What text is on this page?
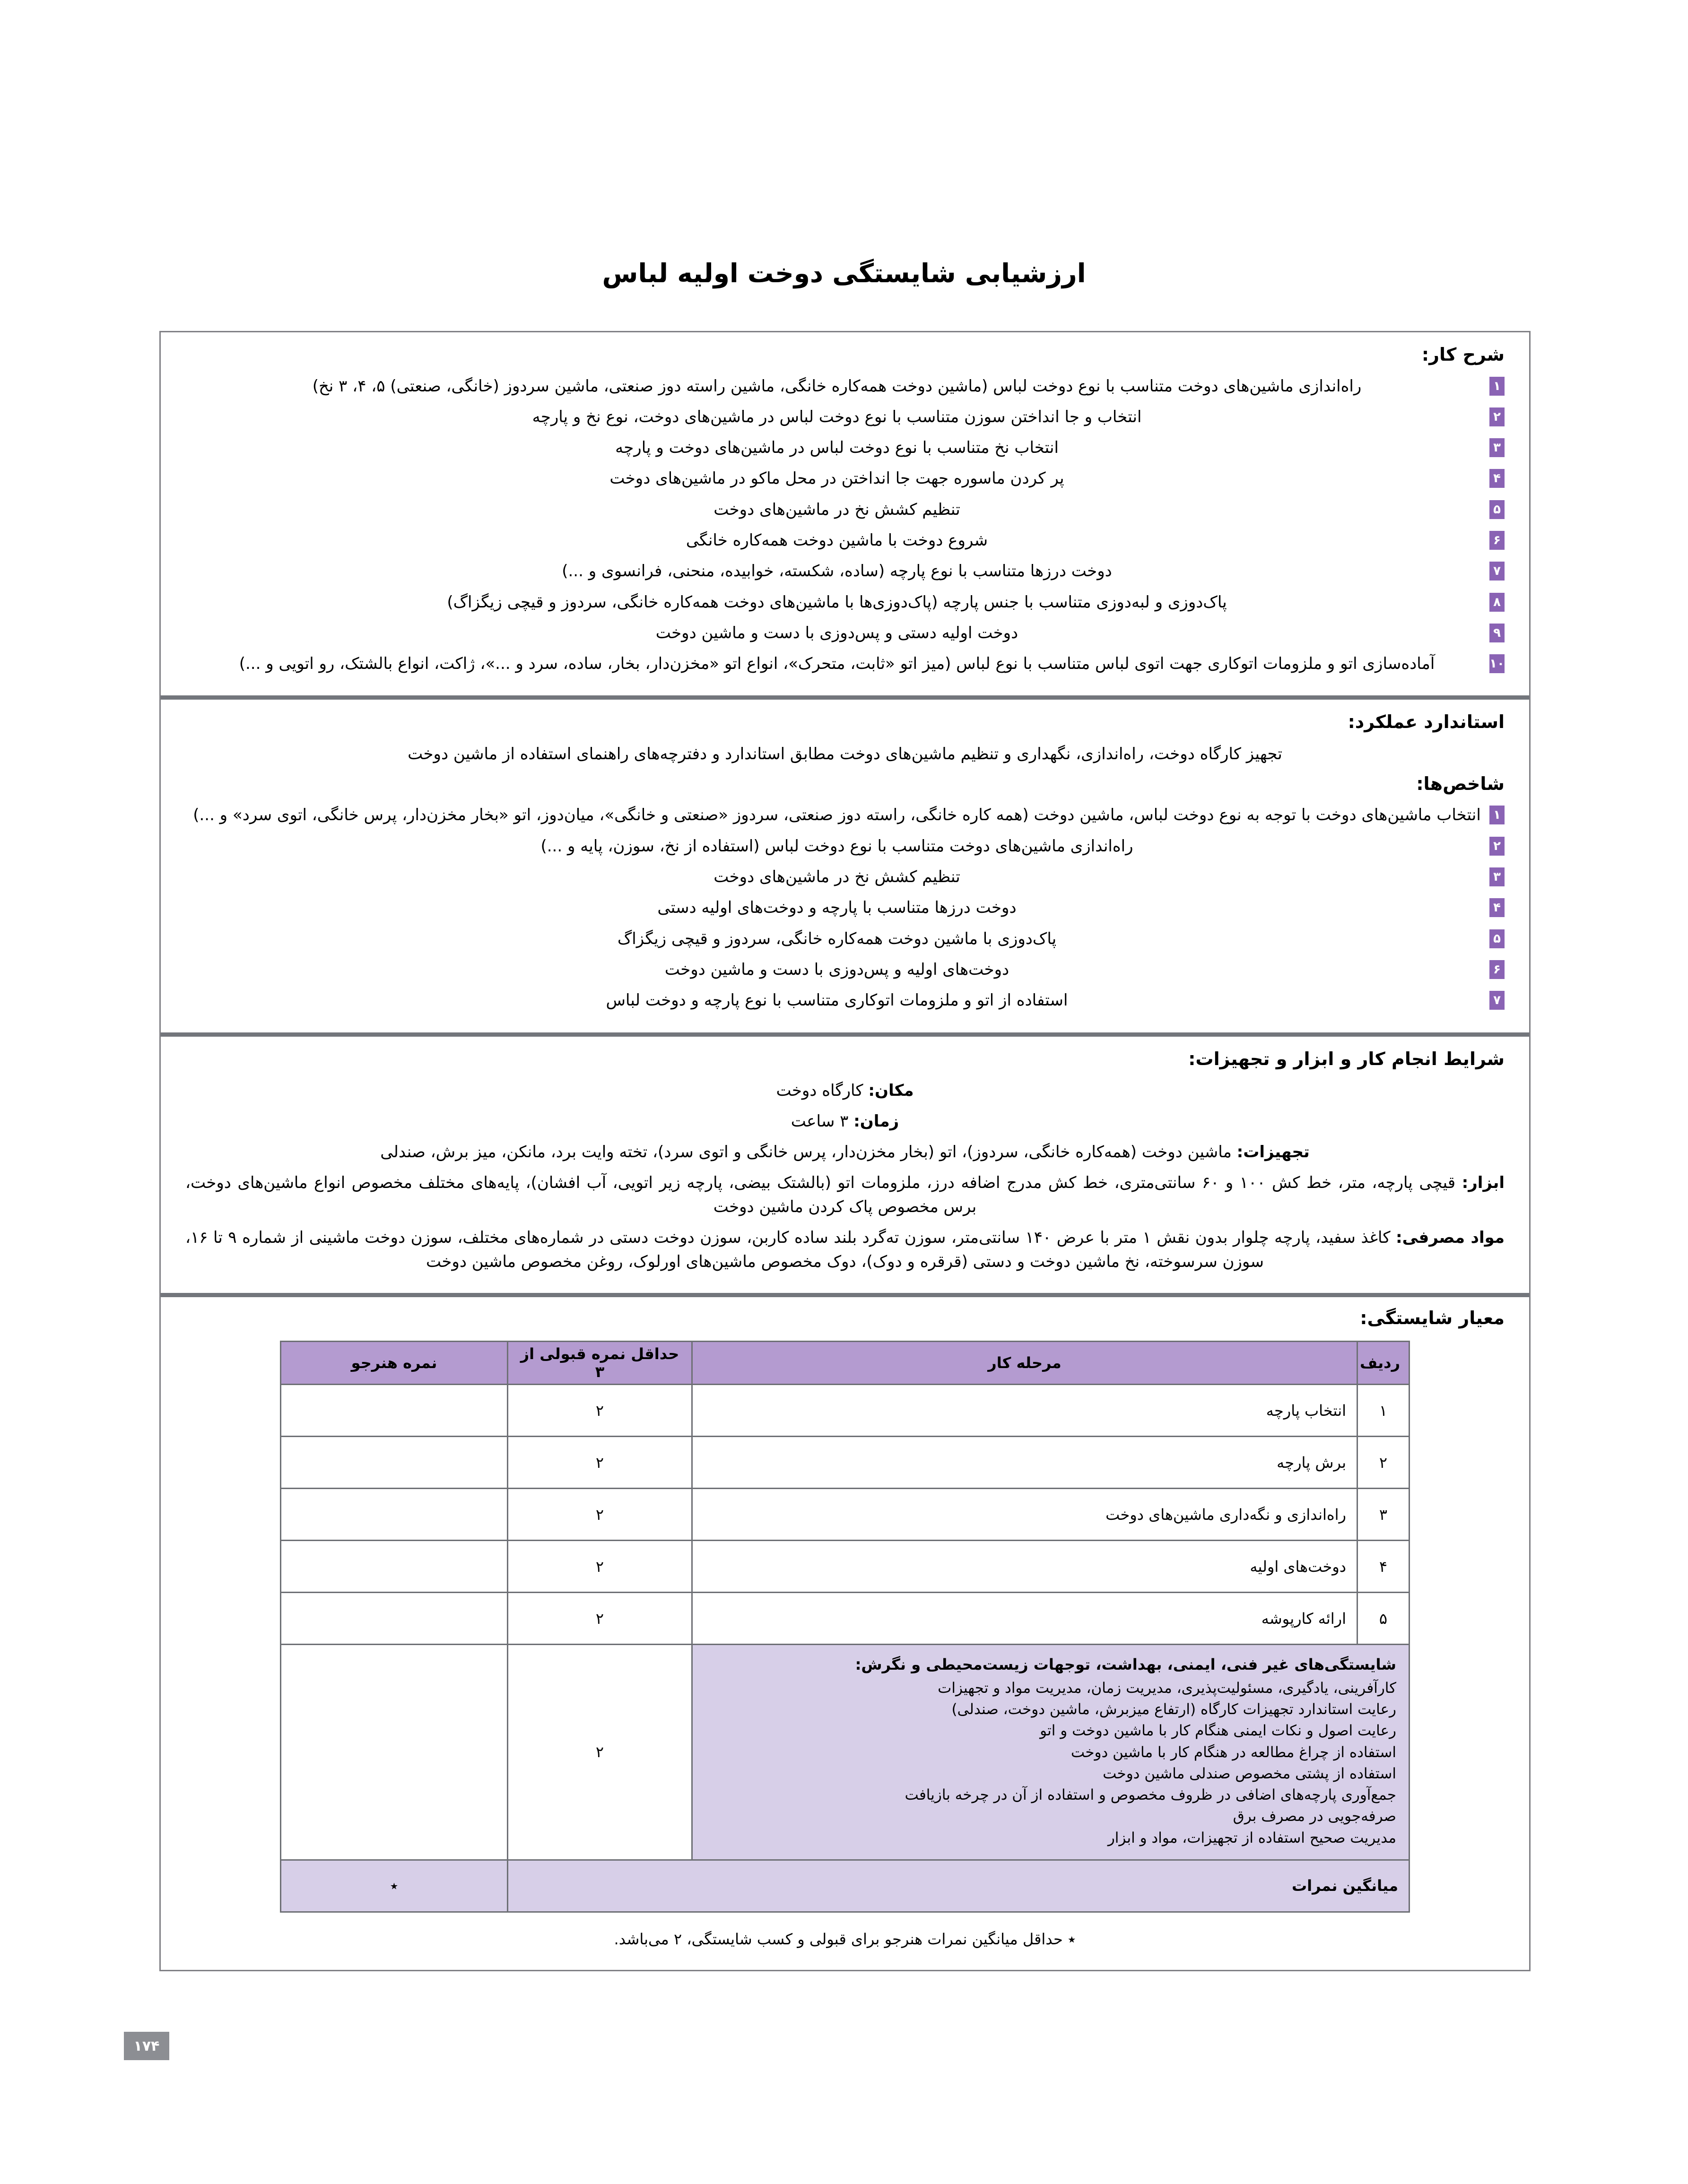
ارزشیابی شایستگی دوخت اولیه لباس
شرح کار:
۱
راه‌اندازی ماشین‌های دوخت متناسب با نوع دوخت لباس (ماشین دوخت همه‌کاره خانگی، ماشین راسته دوز صنعتی، ماشین سردوز (خانگی، صنعتی) ۵، ۴، ۳ نخ)
۲
انتخاب و جا انداختن سوزن متناسب با نوع دوخت لباس در ماشین‌های دوخت، نوع نخ و پارچه
۳
انتخاب نخ متناسب با نوع دوخت لباس در ماشین‌های دوخت و پارچه
۴
پر کردن ماسوره جهت جا انداختن در محل ماکو در ماشین‌های دوخت
۵
تنظیم کشش نخ در ماشین‌های دوخت
۶
شروع دوخت با ماشین دوخت همه‌کاره خانگی
۷
دوخت درزها متناسب با نوع پارچه (ساده، شکسته، خوابیده، منحنی، فرانسوی و ...)
۸
پاک‌دوزی و لبه‌دوزی متناسب با جنس پارچه (پاک‌دوزی‌ها با ماشین‌های دوخت همه‌کاره خانگی، سردوز و قیچی زیگزاگ)
۹
دوخت اولیه دستی و پس‌دوزی با دست و ماشین دوخت
۱۰
آماده‌سازی اتو و ملزومات اتوکاری جهت اتوی لباس متناسب با نوع لباس (میز اتو «ثابت، متحرک»، انواع اتو «مخزن‌دار، بخار، ساده، سرد و ...»، ژاکت، انواع بالشتک، رو اتویی و ...)
استاندارد عملکرد:
تجهیز کارگاه دوخت، راه‌اندازی، نگهداری و تنظیم ماشین‌های دوخت مطابق استاندارد و دفترچه‌های راهنمای استفاده از ماشین دوخت
شاخص‌ها:
۱
انتخاب ماشین‌های دوخت با توجه به نوع دوخت لباس، ماشین دوخت (همه کاره خانگی، راسته دوز صنعتی، سردوز «صنعتی و خانگی»، میان‌دوز، اتو «بخار مخزن‌دار، پرس خانگی، اتوی سرد» و ...)
۲
راه‌اندازی ماشین‌های دوخت متناسب با نوع دوخت لباس (استفاده از نخ، سوزن، پایه و ...)
۳
تنظیم کشش نخ در ماشین‌های دوخت
۴
دوخت درزها متناسب با پارچه و دوخت‌های اولیه دستی
۵
پاک‌دوزی با ماشین دوخت همه‌کاره خانگی، سردوز و قیچی زیگزاگ
۶
دوخت‌های اولیه و پس‌دوزی با دست و ماشین دوخت
۷
استفاده از اتو و ملزومات اتوکاری متناسب با نوع پارچه و دوخت لباس
شرایط انجام کار و ابزار و تجهیزات:
مکان: کارگاه دوخت
زمان: ۳ ساعت
تجهیزات: ماشین دوخت (همه‌کاره خانگی، سردوز)، اتو (بخار مخزن‌دار، پرس خانگی و اتوی سرد)، تخته وایت برد، مانکن، میز برش، صندلی
ابزار: قیچی پارچه، متر، خط کش ۱۰۰ و ۶۰ سانتی‌متری، خط کش مدرج اضافه درز، ملزومات اتو (بالشتک بیضی، پارچه زیر اتویی، آب افشان)، پایه‌های مختلف مخصوص انواع ماشین‌های دوخت، برس مخصوص پاک کردن ماشین دوخت
مواد مصرفی: کاغذ سفید، پارچه چلوار بدون نقش ۱ متر با عرض ۱۴۰ سانتی‌متر، سوزن ته‌گرد بلند ساده کاربن، سوزن دوخت دستی در شماره‌های مختلف، سوزن دوخت ماشینی از شماره ۹ تا ۱۶، سوزن سرسوخته، نخ ماشین دوخت و دستی (قرقره و دوک)، دوک مخصوص ماشین‌های اورلوک، روغن مخصوص ماشین دوخت
معیار شایستگی:
ردیف	مرحله کار	حداقل نمره قبولی از ۳	نمره هنرجو
۱	انتخاب پارچه	۲	
۲	برش پارچه	۲	
۳	راه‌اندازی و نگه‌داری ماشین‌های دوخت	۲	
۴	دوخت‌های اولیه	۲	
۵	ارائه کارپوشه	۲	

شایستگی‌های غیر فنی، ایمنی، بهداشت، توجهات زیست‌محیطی و نگرش:
کارآفرینی، یادگیری، مسئولیت‌پذیری، مدیریت زمان، مدیریت مواد و تجهیزات
رعایت استاندارد تجهیزات کارگاه (ارتفاع میزبرش، ماشین دوخت، صندلی)
رعایت اصول و نکات ایمنی هنگام کار با ماشین دوخت و اتو
استفاده از چراغ مطالعه در هنگام کار با ماشین دوخت
استفاده از پشتی مخصوص صندلی ماشین دوخت
جمع‌آوری پارچه‌های اضافی در ظروف مخصوص و استفاده از آن در چرخه بازیافت
صرفه‌جویی در مصرف برق
مدیریت صحیح استفاده از تجهیزات، مواد و ابزار
	۲	
میانگین نمرات			٭
٭ حداقل میانگین نمرات هنرجو برای قبولی و کسب شایستگی، ۲ می‌باشد.
۱۷۴
